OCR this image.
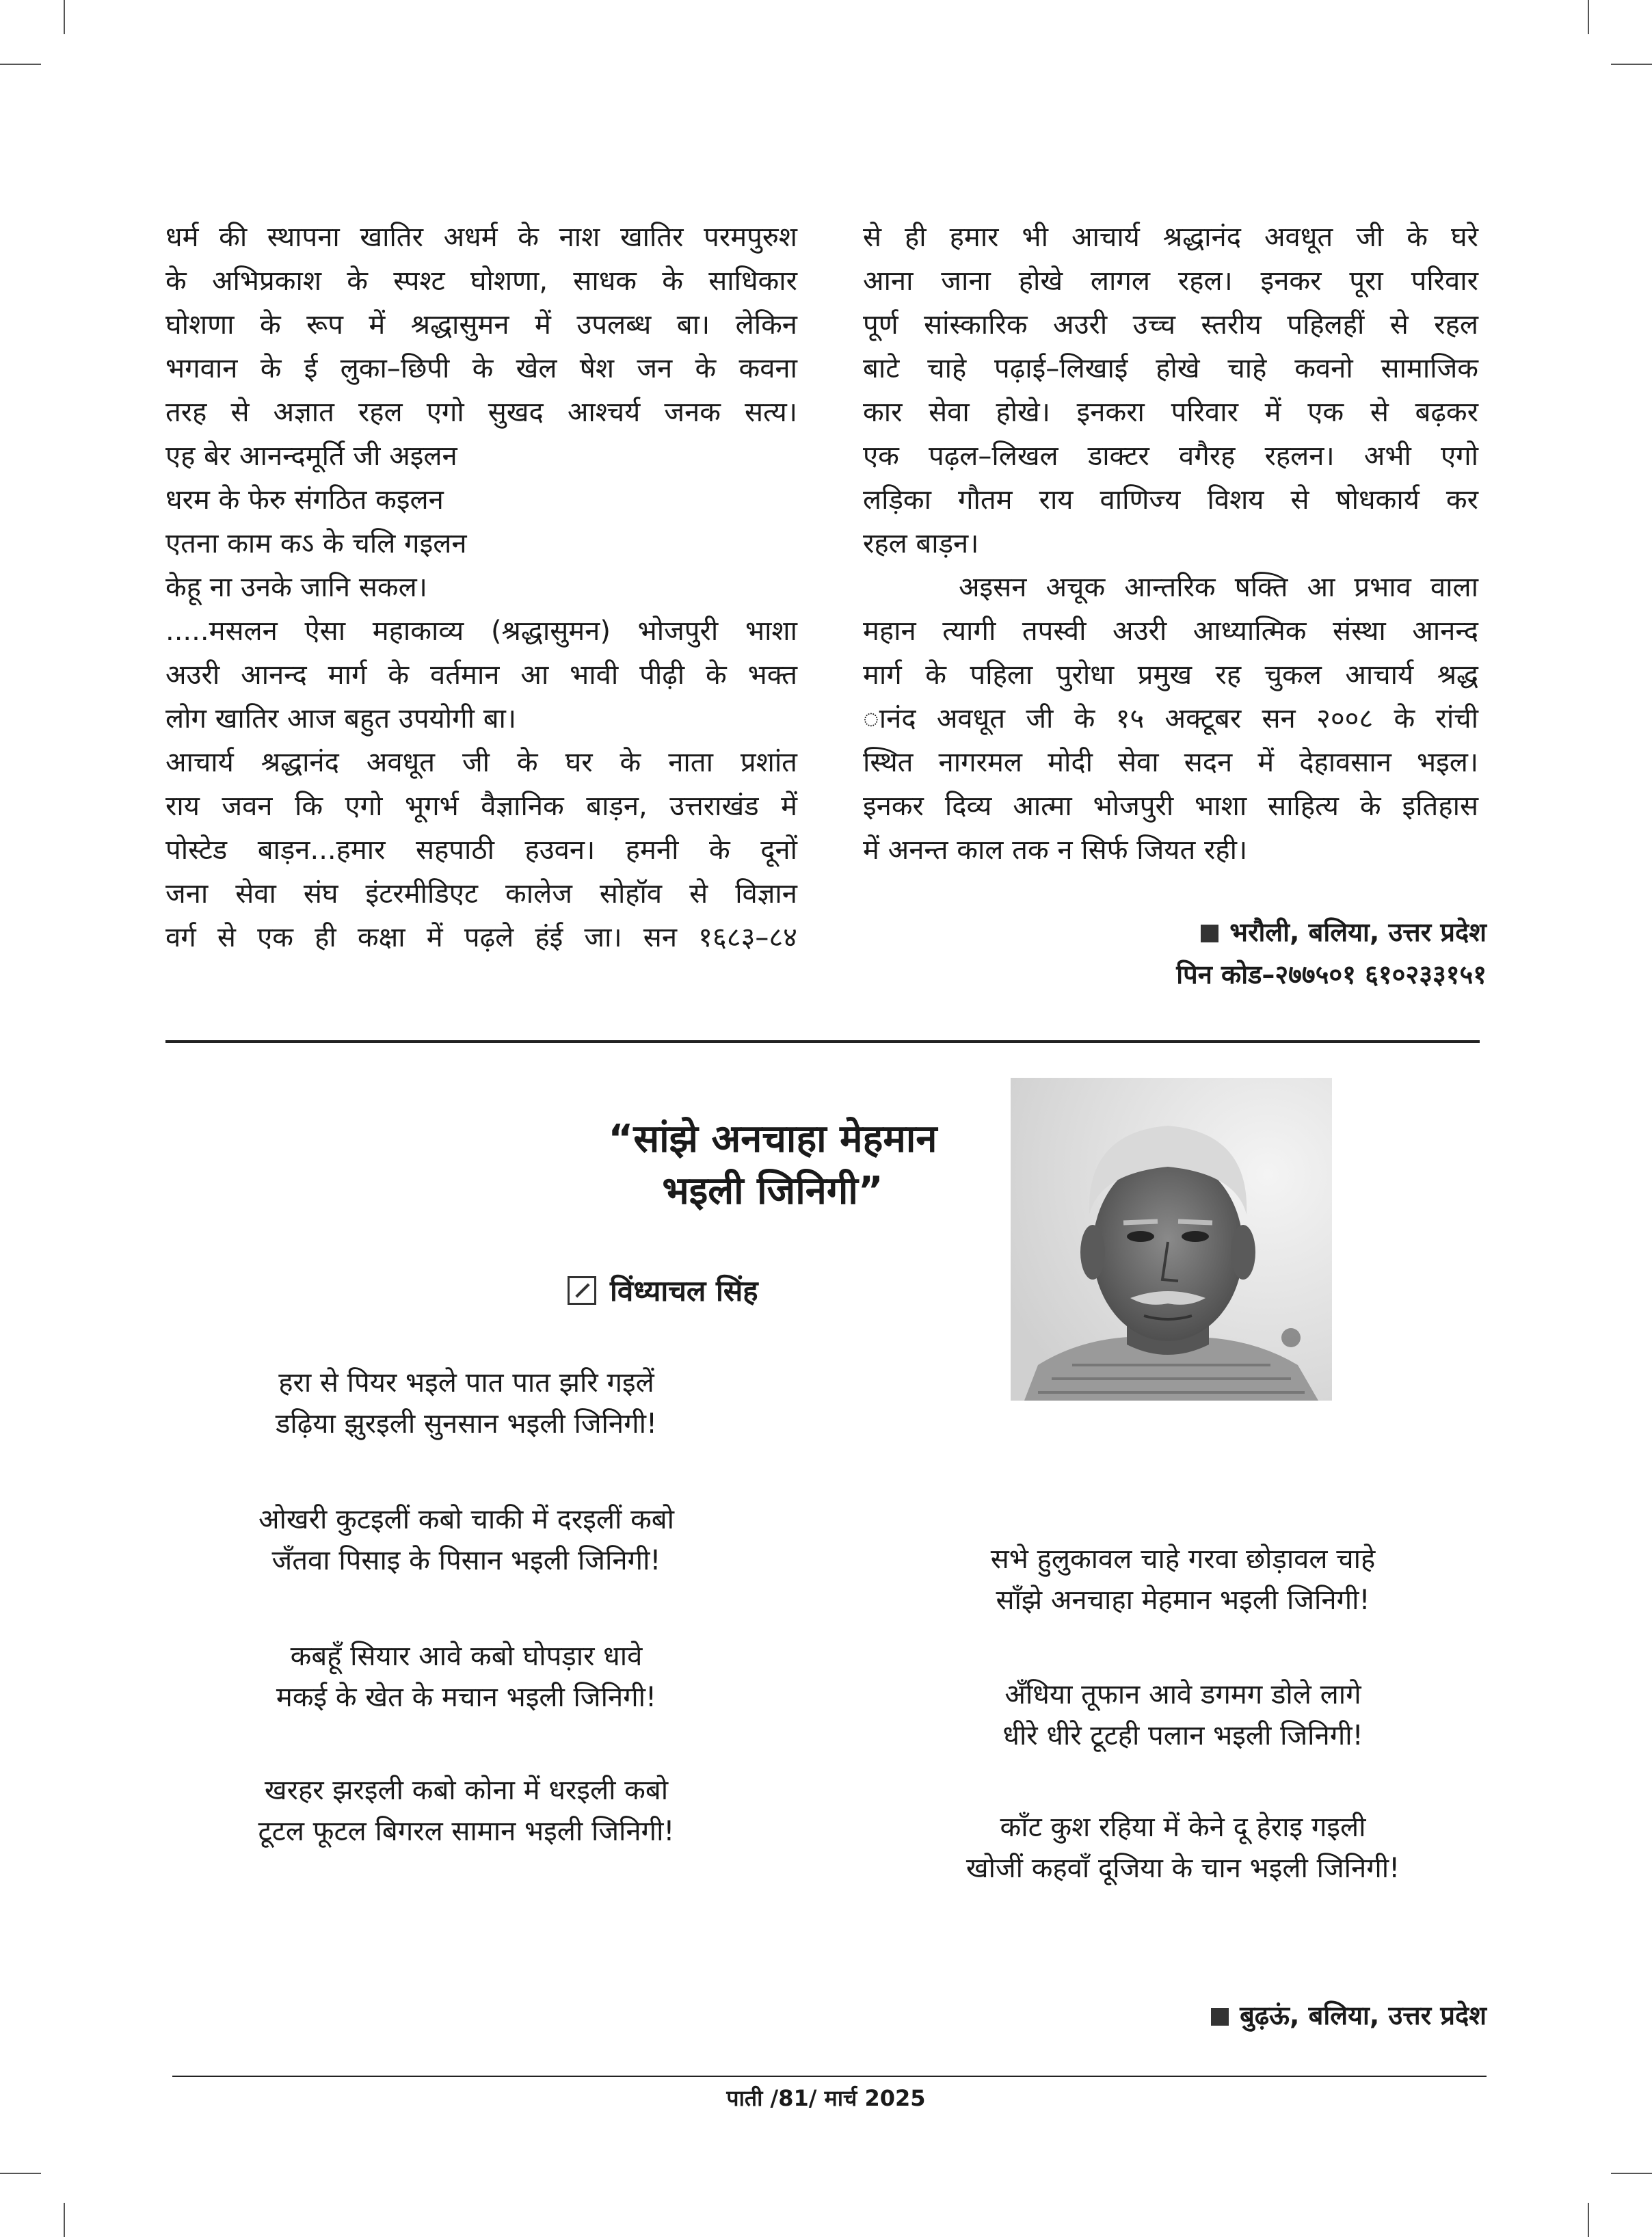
धर्म की स्थापना खातिर अधर्म के नाश खातिर परमपुरुश
के अभिप्रकाश के स्पश्ट घोशणा, साधक के साधिकार
घोशणा के रूप में श्रद्धासुमन में उपलब्ध बा। लेकिन
भगवान के ई लुका–छिपी के खेल षेश जन के कवना
तरह से अज्ञात रहल एगो सुखद आश्चर्य जनक सत्य।

एह बेर आनन्दमूर्ति जी अइलन
धरम के फेरु संगठित कइलन
एतना काम कऽ के चलि गइलन
केहू ना उनके जानि सकल।

.....मसलन ऐसा महाकाव्य (श्रद्धासुमन) भोजपुरी भाशा
अउरी आनन्द मार्ग के वर्तमान आ भावी पीढ़ी के भक्त
लोग खातिर आज बहुत उपयोगी बा।

आचार्य श्रद्धानंद अवधूत जी के घर के नाता प्रशांत
राय जवन कि एगो भूगर्भ वैज्ञानिक बाड़न, उत्तराखंड में
पोस्टेड बाड़न...हमार सहपाठी हउवन। हमनी के दूनों
जना सेवा संघ इंटरमीडिएट कालेज सोहॉव से विज्ञान
वर्ग से एक ही कक्षा में पढ़ले हंई जा। सन १६८३–८४

से ही हमार भी आचार्य श्रद्धानंद अवधूत जी के घरे
आना जाना होखे लागल रहल। इनकर पूरा परिवार
पूर्ण सांस्कारिक अउरी उच्च स्तरीय पहिलहीं से रहल
बाटे चाहे पढ़ाई–लिखाई होखे चाहे कवनो सामाजिक
कार सेवा होखे। इनकरा परिवार में एक से बढ़कर
एक पढ़ल–लिखल डाक्टर वगैरह रहलन। अभी एगो
लड़िका गौतम राय वाणिज्य विशय से षोधकार्य कर
रहल बाड़न।

अइसन अचूक आन्तरिक षक्ति आ प्रभाव वाला
महान त्यागी तपस्वी अउरी आध्यात्मिक संस्था आनन्द
मार्ग के पहिला पुरोधा प्रमुख रह चुकल आचार्य श्रद्ध
ानंद अवधूत जी के १५ अक्टूबर सन २००८ के रांची
स्थित नागरमल मोदी सेवा सदन में देहावसान भइल।
इनकर दिव्य आत्मा भोजपुरी भाशा साहित्य के इतिहास
में अनन्त काल तक न सिर्फ जियत रही।

भरौली, बलिया, उत्तर प्रदेश
पिन कोड–२७७५०१ ६१०२३३१५१
“सांझे अनचाहा मेहमान
भइली जिनिगी”
विंध्याचल सिंह
हरा से पियर भइले पात पात झरि गइलें
डढ़िया झुरइली सुनसान भइली जिनिगी!
ओखरी कुटइलीं कबो चाकी में दरइलीं कबो
जँतवा पिसाइ के पिसान भइली जिनिगी!
कबहूँ सियार आवे कबो घोपड़ार धावे
मकई के खेत के मचान भइली जिनिगी!
खरहर झरइली कबो कोना में धरइली कबो
टूटल फूटल बिगरल सामान भइली जिनिगी!
सभे हुलुकावल चाहे गरवा छोड़ावल चाहे
साँझे अनचाहा मेहमान भइली जिनिगी!
अँधिया तूफान आवे डगमग डोले लागे
धीरे धीरे टूटही पलान भइली जिनिगी!
काँट कुश रहिया में केने दू हेराइ गइली
खोजीं कहवाँ दूजिया के चान भइली जिनिगी!
बुढ़ऊं, बलिया, उत्तर प्रदेश
पाती /81/ मार्च 2025
